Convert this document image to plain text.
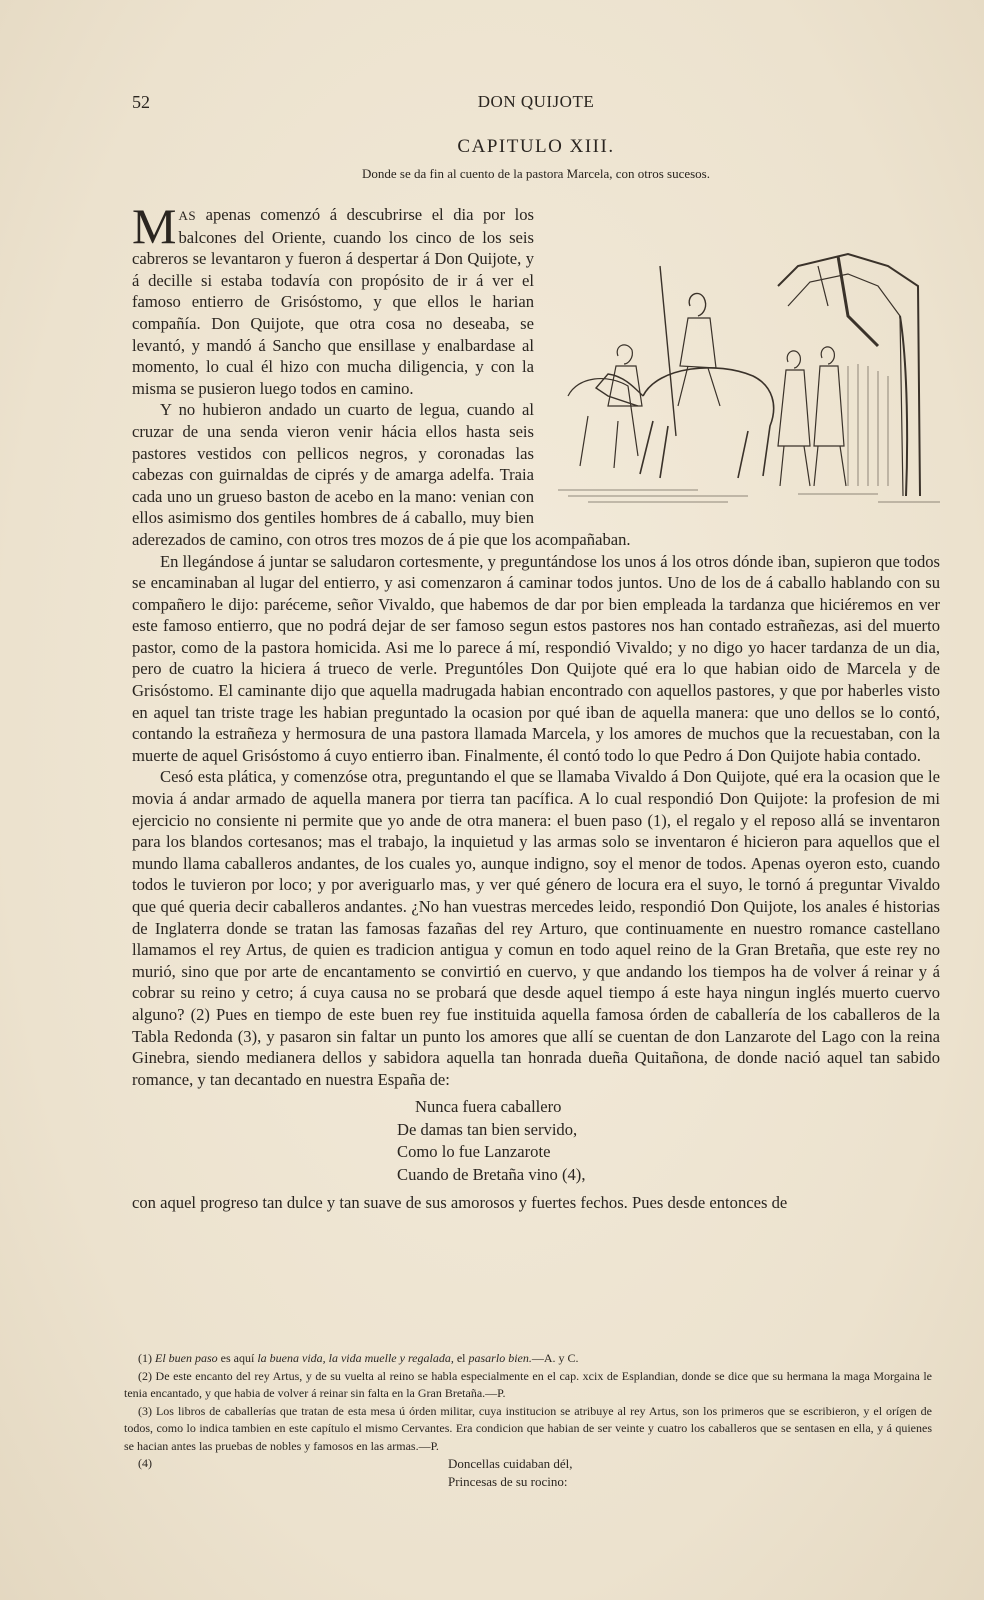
52	DON QUIJOTE
CAPITULO XIII.
Donde se da fin al cuento de la pastora Marcela, con otros sucesos.

MAS apenas comenzó á descubrirse el dia por los balcones del Oriente, cuando los cinco de los seis cabreros se levantaron y fueron á despertar á Don Quijote, y á decille si estaba todavía con propósito de ir á ver el famoso entierro de Grisóstomo, y que ellos le harian compañía. Don Quijote, que otra cosa no deseaba, se levantó, y mandó á Sancho que ensillase y enalbardase al momento, lo cual él hizo con mucha diligencia, y con la misma se pusieron luego todos en camino.

Y no hubieron andado un cuarto de legua, cuando al cruzar de una senda vieron venir hácia ellos hasta seis pastores vestidos con pellicos negros, y coronadas las cabezas con guirnaldas de ciprés y de amarga adelfa. Traia cada uno un grueso baston de acebo en la mano: venian con ellos asimismo dos gentiles hombres de á caballo, muy bien aderezados de camino, con otros tres mozos de á pie que los acompañaban.

En llegándose á juntar se saludaron cortesmente, y preguntándose los unos á los otros dónde iban, supieron que todos se encaminaban al lugar del entierro, y asi comenzaron á caminar todos juntos. Uno de los de á caballo hablando con su compañero le dijo: paréceme, señor Vivaldo, que habemos de dar por bien empleada la tardanza que hiciéremos en ver este famoso entierro, que no podrá dejar de ser famoso segun estos pastores nos han contado estrañezas, asi del muerto pastor, como de la pastora homicida. Asi me lo parece á mí, respondió Vivaldo; y no digo yo hacer tardanza de un dia, pero de cuatro la hiciera á trueco de verle. Preguntóles Don Quijote qué era lo que habian oido de Marcela y de Grisóstomo. El caminante dijo que aquella madrugada habian encontrado con aquellos pastores, y que por haberles visto en aquel tan triste trage les habian preguntado la ocasion por qué iban de aquella manera: que uno dellos se lo contó, contando la estrañeza y hermosura de una pastora llamada Marcela, y los amores de muchos que la recuestaban, con la muerte de aquel Grisóstomo á cuyo entierro iban. Finalmente, él contó todo lo que Pedro á Don Quijote habia contado.

Cesó esta plática, y comenzóse otra, preguntando el que se llamaba Vivaldo á Don Quijote, qué era la ocasion que le movia á andar armado de aquella manera por tierra tan pacífica. A lo cual respondió Don Quijote: la profesion de mi ejercicio no consiente ni permite que yo ande de otra manera: el buen paso (1), el regalo y el reposo allá se inventaron para los blandos cortesanos; mas el trabajo, la inquietud y las armas solo se inventaron é hicieron para aquellos que el mundo llama caballeros andantes, de los cuales yo, aunque indigno, soy el menor de todos. Apenas oyeron esto, cuando todos le tuvieron por loco; y por averiguarlo mas, y ver qué género de locura era el suyo, le tornó á preguntar Vivaldo que qué queria decir caballeros andantes. ¿No han vuestras mercedes leido, respondió Don Quijote, los anales é historias de Inglaterra donde se tratan las famosas fazañas del rey Arturo, que continuamente en nuestro romance castellano llamamos el rey Artus, de quien es tradicion antigua y comun en todo aquel reino de la Gran Bretaña, que este rey no murió, sino que por arte de encantamento se convirtió en cuervo, y que andando los tiempos ha de volver á reinar y á cobrar su reino y cetro; á cuya causa no se probará que desde aquel tiempo á este haya ningun inglés muerto cuervo alguno? (2) Pues en tiempo de este buen rey fue instituida aquella famosa órden de caballería de los caballeros de la Tabla Redonda (3), y pasaron sin faltar un punto los amores que allí se cuentan de don Lanzarote del Lago con la reina Ginebra, siendo medianera dellos y sabidora aquella tan honrada dueña Quitañona, de donde nació aquel tan sabido romance, y tan decantado en nuestra España de:

Nunca fuera caballero
De damas tan bien servido,
Como lo fue Lanzarote
Cuando de Bretaña vino (4),

con aquel progreso tan dulce y tan suave de sus amorosos y fuertes fechos. Pues desde entonces de

(1) El buen paso es aquí la buena vida, la vida muelle y regalada, el pasarlo bien.—A. y C.

(2) De este encanto del rey Artus, y de su vuelta al reino se habla especialmente en el cap. xcix de Esplandian, donde se dice que su hermana la maga Morgaina le tenia encantado, y que habia de volver á reinar sin falta en la Gran Bretaña.—P.

(3) Los libros de caballerías que tratan de esta mesa ú órden militar, cuya institucion se atribuye al rey Artus, son los primeros que se escribieron, y el orígen de todos, como lo indica tambien en este capítulo el mismo Cervantes. Era condicion que habian de ser veinte y cuatro los caballeros que se sentasen en ella, y á quienes se hacian antes las pruebas de nobles y famosos en las armas.—P.

(4)	Doncellas cuidaban dél,
Princesas de su rocino:
